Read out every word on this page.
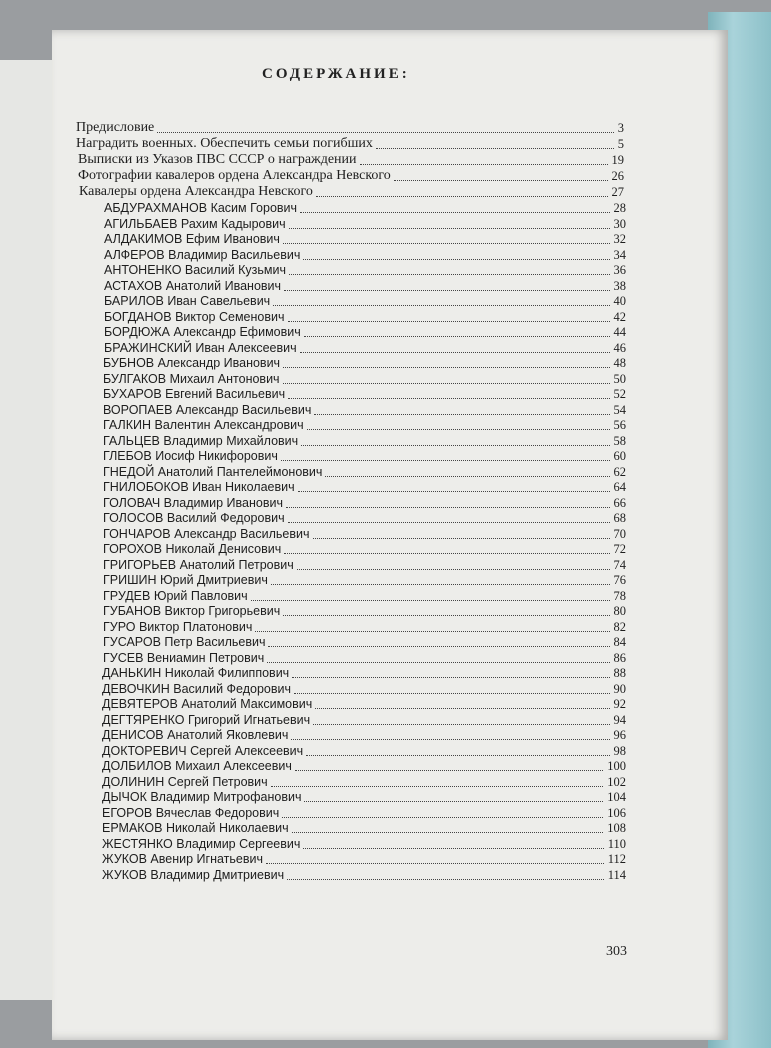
СОДЕРЖАНИЕ:
Предисловие	3
Наградить военных. Обеспечить семьи погибших	5
Выписки из Указов ПВС СССР о награждении	19
Фотографии кавалеров ордена Александра Невского	26
Кавалеры ордена Александра Невского	27
АБДУРАХМАНОВ Касим Горович	28
АГИЛЬБАЕВ Рахим Кадырович	30
АЛДАКИМОВ Ефим Иванович	32
АЛФЕРОВ Владимир Васильевич	34
АНТОНЕНКО Василий Кузьмич	36
АСТАХОВ Анатолий Иванович	38
БАРИЛОВ Иван Савельевич	40
БОГДАНОВ Виктор Семенович	42
БОРДЮЖА Александр Ефимович	44
БРАЖИНСКИЙ Иван Алексеевич	46
БУБНОВ Александр Иванович	48
БУЛГАКОВ Михаил Антонович	50
БУХАРОВ Евгений Васильевич	52
ВОРОПАЕВ Александр Васильевич	54
ГАЛКИН Валентин Александрович	56
ГАЛЬЦЕВ Владимир Михайлович	58
ГЛЕБОВ Иосиф Никифорович	60
ГНЕДОЙ Анатолий Пантелеймонович	62
ГНИЛОБОКОВ Иван Николаевич	64
ГОЛОВАЧ Владимир Иванович	66
ГОЛОСОВ Василий Федорович	68
ГОНЧАРОВ Александр Васильевич	70
ГОРОХОВ Николай Денисович	72
ГРИГОРЬЕВ Анатолий Петрович	74
ГРИШИН Юрий Дмитриевич	76
ГРУДЕВ Юрий Павлович	78
ГУБАНОВ Виктор Григорьевич	80
ГУРО Виктор Платонович	82
ГУСАРОВ Петр Васильевич	84
ГУСЕВ Вениамин Петрович	86
ДАНЬКИН Николай Филиппович	88
ДЕВОЧКИН Василий Федорович	90
ДЕВЯТЕРОВ Анатолий Максимович	92
ДЕГТЯРЕНКО Григорий Игнатьевич	94
ДЕНИСОВ Анатолий Яковлевич	96
ДОКТОРЕВИЧ Сергей Алексеевич	98
ДОЛБИЛОВ Михаил Алексеевич	100
ДОЛИНИН Сергей Петрович	102
ДЫЧОК Владимир Митрофанович	104
ЕГОРОВ Вячеслав Федорович	106
ЕРМАКОВ Николай Николаевич	108
ЖЕСТЯНКО Владимир Сергеевич	110
ЖУКОВ Авенир Игнатьевич	112
ЖУКОВ Владимир Дмитриевич	114
303
